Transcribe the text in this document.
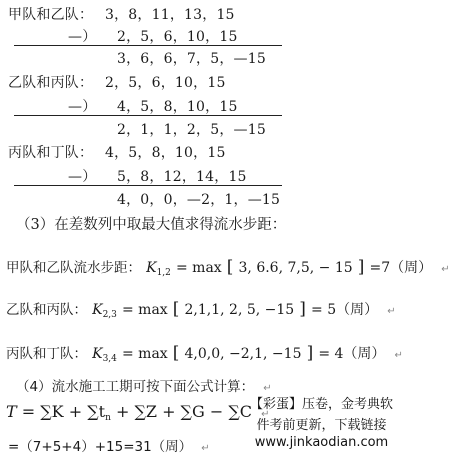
甲队和乙队： 3，8，11，13，15
—） 2，5，6，10，15
3，6，6，7，5，—15
乙队和丙队： 2，5，6，10，15
—） 4，5，8，10，15
2，1，1，2，5，—15
丙队和丁队： 4，5，8，10，15
—） 5，8，12，14，15
4，0，0，—2，1，—15
（3）在差数列中取最大值求得流水步距：
甲队和乙队流水步距： $K_{1,2} = \max$ [ 3, 6.6, 7,5, − 15 ] =7（周） ↵
乙队和丙队： $K_{2,3} = \max$ [ 2,1,1, 2, 5, −15 ] = 5（周） ↵
丙队和丁队： $K_{3,4} = \max$ [ 4,0,0, −2,1, −15 ] = 4（周） ↵
（4）流水施工工期可按下面公式计算： ↵
$T = \sum K + \sum t_n + \sum Z + \sum G - \sum C$ ↵
=（7+5+4）+15=31（周） ↵
【彩蛋】压卷，金考典软
件考前更新，下载链接
www.jinkaodian.com
